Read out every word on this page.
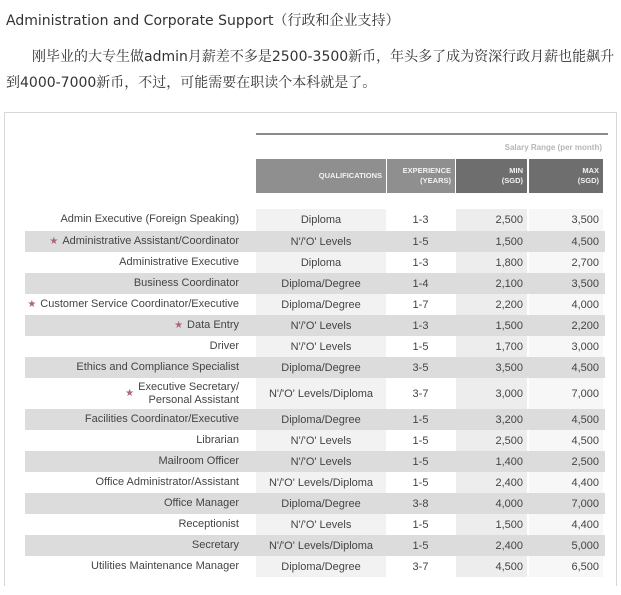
Administration and Corporate Support（行政和企业支持）
刚毕业的大专生做admin月薪差不多是2500-3500新币，年头多了成为资深行政月薪也能飙升到4000-7000新币，不过，可能需要在职读个本科就是了。
Salary Range (per month)
QUALIFICATIONS
EXPERIENCE
(YEARS)
MIN
(SGD)
MAX
(SGD)
Admin Executive (Foreign Speaking)	Diploma	1-3	2,500	3,500
★ Administrative Assistant/Coordinator	N'/'O' Levels	1-5	1,500	4,500
Administrative Executive	Diploma	1-3	1,800	2,700
Business Coordinator	Diploma/Degree	1-4	2,100	3,500
★ Customer Service Coordinator/Executive	Diploma/Degree	1-7	2,200	4,000
★ Data Entry	N'/'O' Levels	1-3	1,500	2,200
Driver	N'/'O' Levels	1-5	1,700	3,000
Ethics and Compliance Specialist	Diploma/Degree	3-5	3,500	4,500
★
Executive Secretary/
Personal Assistant	N'/'O' Levels/Diploma	3-7	3,000	7,000
Facilities Coordinator/Executive	Diploma/Degree	1-5	3,200	4,500
Librarian	N'/'O' Levels	1-5	2,500	4,500
Mailroom Officer	N'/'O' Levels	1-5	1,400	2,500
Office Administrator/Assistant	N'/'O' Levels/Diploma	1-5	2,400	4,400
Office Manager	Diploma/Degree	3-8	4,000	7,000
Receptionist	N'/'O' Levels	1-5	1,500	4,400
Secretary	N'/'O' Levels/Diploma	1-5	2,400	5,000
Utilities Maintenance Manager	Diploma/Degree	3-7	4,500	6,500
